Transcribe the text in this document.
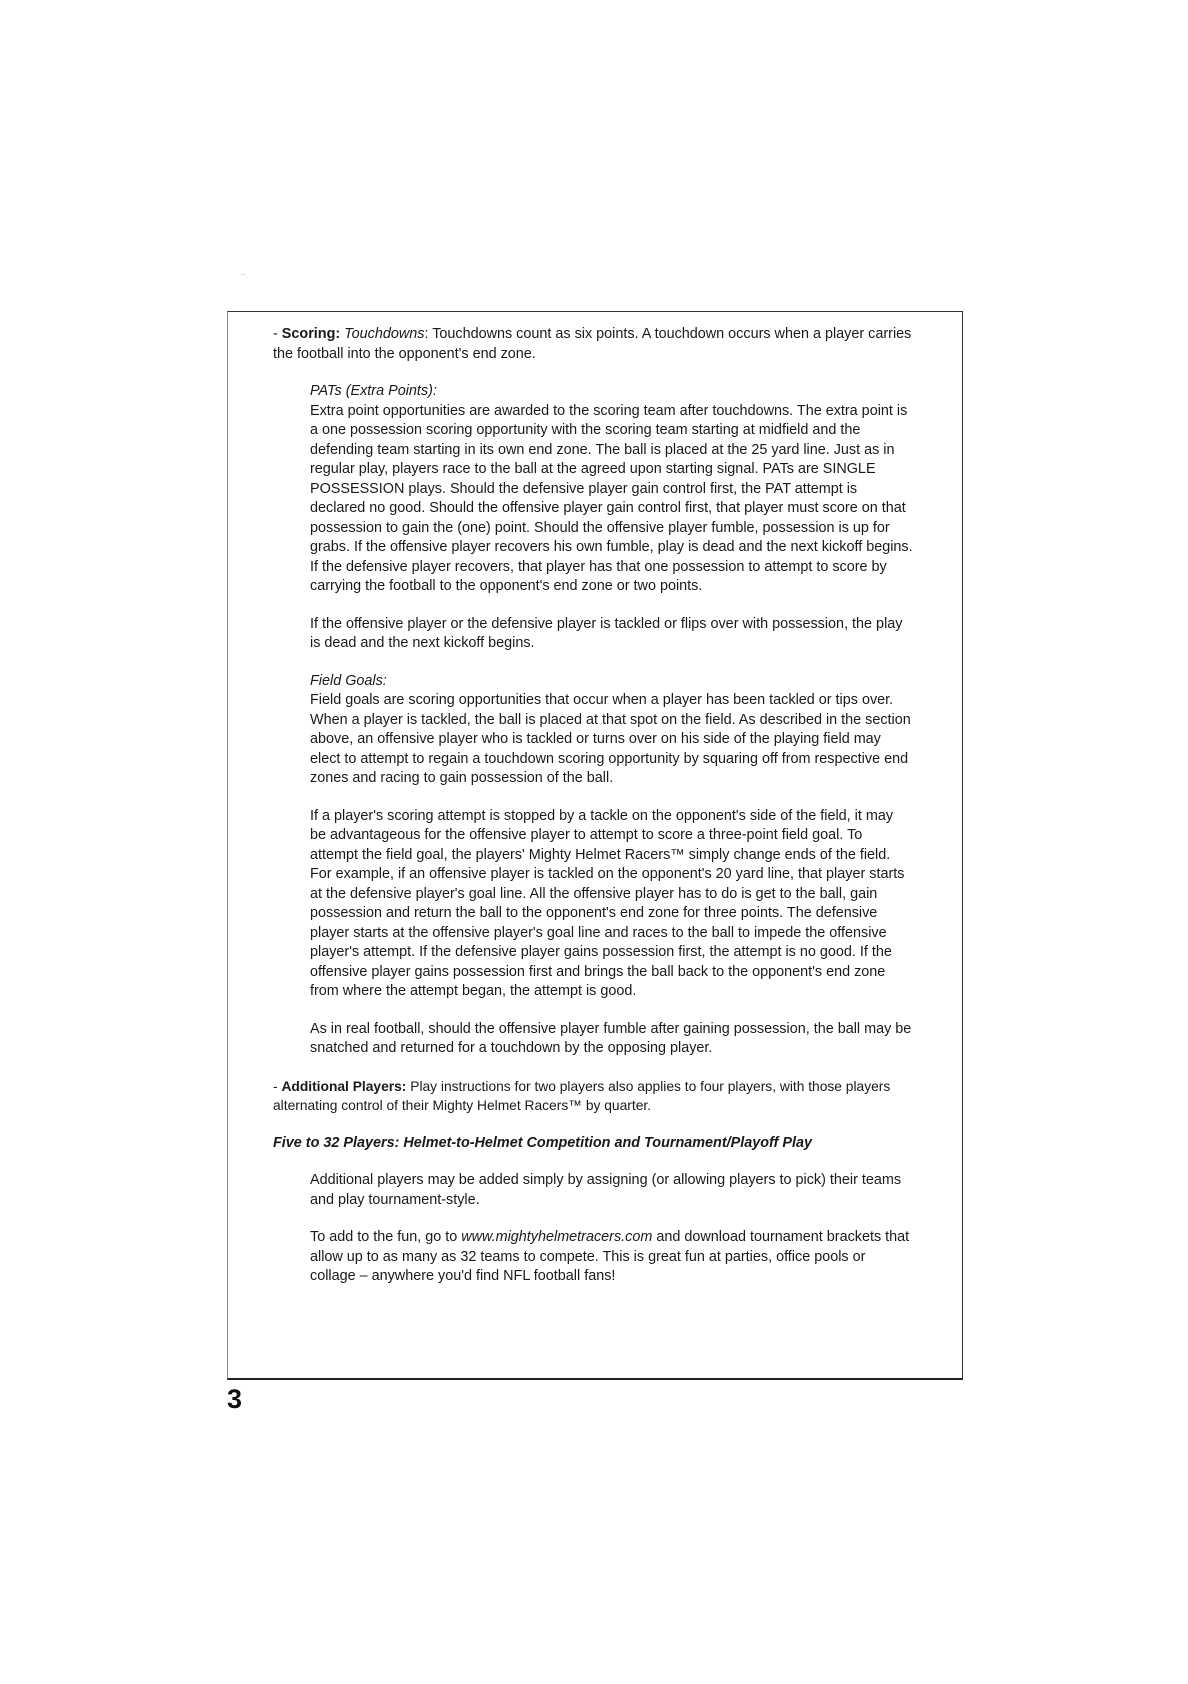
- Scoring: Touchdowns: Touchdowns count as six points. A touchdown occurs when a player carries the football into the opponent's end zone.

PATs (Extra Points):

Extra point opportunities are awarded to the scoring team after touchdowns. The extra point is a one possession scoring opportunity with the scoring team starting at midfield and the defending team starting in its own end zone. The ball is placed at the 25 yard line. Just as in regular play, players race to the ball at the agreed upon starting signal. PATs are SINGLE POSSESSION plays. Should the defensive player gain control first, the PAT attempt is declared no good. Should the offensive player gain control first, that player must score on that possession to gain the (one) point. Should the offensive player fumble, possession is up for grabs. If the offensive player recovers his own fumble, play is dead and the next kickoff begins. If the defensive player recovers, that player has that one possession to attempt to score by carrying the football to the opponent's end zone or two points.

If the offensive player or the defensive player is tackled or flips over with possession, the play is dead and the next kickoff begins.

Field Goals:

Field goals are scoring opportunities that occur when a player has been tackled or tips over. When a player is tackled, the ball is placed at that spot on the field. As described in the section above, an offensive player who is tackled or turns over on his side of the playing field may elect to attempt to regain a touchdown scoring opportunity by squaring off from respective end zones and racing to gain possession of the ball.

If a player's scoring attempt is stopped by a tackle on the opponent's side of the field, it may be advantageous for the offensive player to attempt to score a three-point field goal. To attempt the field goal, the players' Mighty Helmet Racers™ simply change ends of the field. For example, if an offensive player is tackled on the opponent's 20 yard line, that player starts at the defensive player's goal line. All the offensive player has to do is get to the ball, gain possession and return the ball to the opponent's end zone for three points. The defensive player starts at the offensive player's goal line and races to the ball to impede the offensive player's attempt. If the defensive player gains possession first, the attempt is no good. If the offensive player gains possession first and brings the ball back to the opponent's end zone from where the attempt began, the attempt is good.

As in real football, should the offensive player fumble after gaining possession, the ball may be snatched and returned for a touchdown by the opposing player.

- Additional Players: Play instructions for two players also applies to four players, with those players alternating control of their Mighty Helmet Racers™ by quarter.

Five to 32 Players: Helmet-to-Helmet Competition and Tournament/Playoff Play

Additional players may be added simply by assigning (or allowing players to pick) their teams and play tournament-style.

To add to the fun, go to www.mightyhelmetracers.com and download tournament brackets that allow up to as many as 32 teams to compete. This is great fun at parties, office pools or collage – anywhere you'd find NFL football fans!

3
